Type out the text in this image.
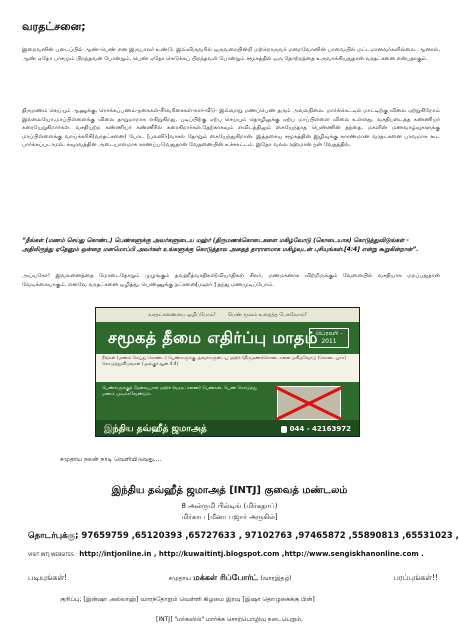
வரதட்சனை;
இறைவனின் படைப்பில் ஆண்-பெண் என இருபாலர் உண்டு. இவ்விருவரில் ஒருவரையின்றி மற்றொருவர் மறைவோனின் பாவையில் மட்டமானவர்களில்லை. ஆனால், ஆண் ஏதோ பாசமும் பிறந்தவன் போன்றும், பெண் ஏதோ கெடுக்கப் பிறந்தவள் போன்றும் சமூகத்தில் ஒரு தோற்றத்தை உருவாக்கியதுதான் வரதட்சனை என்பதாகும்.
திருமணம் செய்யும் ஆணுக்கு, ரொக்கப்பணம்-நகைகள்-சீர்வரிசைகள்-கார்-வீடு- இவ்வாறு மணப்பெண் தரும் அவலநிலை. மார்க்கெட்டில் மாட்டிற்கு விலை ஏற்றுகிறோம் இல்லையோ,மாப்பிள்ளைக்கு விலை தாறுமாறாக எகிறுகிறது. படிப்பிற்கு ஏற்ப செய்யும் தொழிலுக்கு ஏற்ப மாப்பிள்ளை விலை உள்ளது. வசதிபடைத்த கண்ணியர் கரையேறுகிறார்கள். வசதியற்ற கண்ணியர் கண்ணீரில் கரைகிறார்கள்.தேற்காகவும் எவிடத்திலும் கையேந்தாத பெண்ணின் தந்தை, மகளின் மணவாழ்வுகளுக்கு மாப்பிள்ளைக்கு வாய்க்கரிசி(வரதட்சனை) போட [பலனிர்]வாசல் தோறும் கையேந்துகிறான். இத்தகைய சமூகத்தின் இழிவுக்கு காரணமான வரதட்சனை பாவமாக கூட பார்க்கப்படாமல், கவுரவத்தின் அடையாளமாக காணப்படுவதுதான் வேதனையின் உச்சகட்டம். இதோ வல்ல ரஹ்மான் நன் வேதத்தில்,
“நீங்கள் (மணம் செய்து கொண்ட) பெண்களுக்கு அவர்களுடைய மஹ்ர் (திருமணக்கொடைகளை மகிழ்வோடு (கொடையாக) கொடுத்துவிடுங்கள் - அதிலிருந்து ஏதேனும் ஒன்றை மனமொப்பி அவர்கள் உங்களுக்கு கொடுத்தால அதைத் தாராளமாக மகிழ்வுடன் புசியுங்கள்.[4:4] என்று கூறுகின்றான்”.
அய்யகோ! இவலனைத்தை மோடைதோறும் முழங்கும் தவஹீத்வாதிகள்[வியாதிகள் சிலர், மணமகனாக விற்றிருக்கும் வேளையில் வசதியாக மறப்பதுதான் வேடிக்கையாகும். எனவே வரதட்சனை ஒழித்து, பெண்ணுக்கு நட்சனை[மஹர் ] தந்து மணமுடிப்போம்.
வரதட்சணையை ஒழிப்போம்! பெண் மூலம் உதைத்த பேசுவோம்!
சமூகத் தீமை எதிர்ப்பு மாதம்
பிப்ரவரி - 2011
நீங்கள் (மணம் செய்து கொண்ட) பெண்களுக்கு அவர்களுடைய மஹ்ர் (திருமணக்கொடைகளை மகிழ்வோடு (கொடையாக) கொடுத்துவிடுங்கள் (அல்குர்ஆன் 4:4)
பெண்களுக்குத் தேவையான மஹ்ர் (வரதட்சணை) பெண்கள், பெண் கொடுத்து மணம் முடிக்கவேண்டும்.
இந்திய தவ்ஹீத் ஜமாஅத்	044 - 42163972
சமுதாய நலன் நாடி வெளியிடுவது....
இந்திய தவ்ஹீத் ஜமாஅத் [INTJ] குவைத் மண்டலம்
8 அல்ருமி பில்டிங் (மிர்கதாப்)
மிர்காப [மீனா பஜார் அருகில்]
தொடர்புக்கு; 97659759 ,65120393 ,65727633 , 97102763 ,97465872 ,55890813 ,65531023 ,
VISIT INTJ WEBSITES : http://intjonline.in , http://kuwaitintj.blogspot.com ,http://www.sengiskhanonline.com .
படியுங்கள்!	சமுதாய மக்கள் ரிப்போர்ட் (வாரஇதழ்)	பரப்புங்கள்!!
குறிப்பு; [இன்ஷா அல்லாஹ்] வாரந்தோறும் வெள்ளி கிழமை இரவு [இஷா தொழுகைக்கு பின்]
[INTJ] "மர்கஸில்" மார்க்க சொற்பொழிவு நடைபெறும்,
